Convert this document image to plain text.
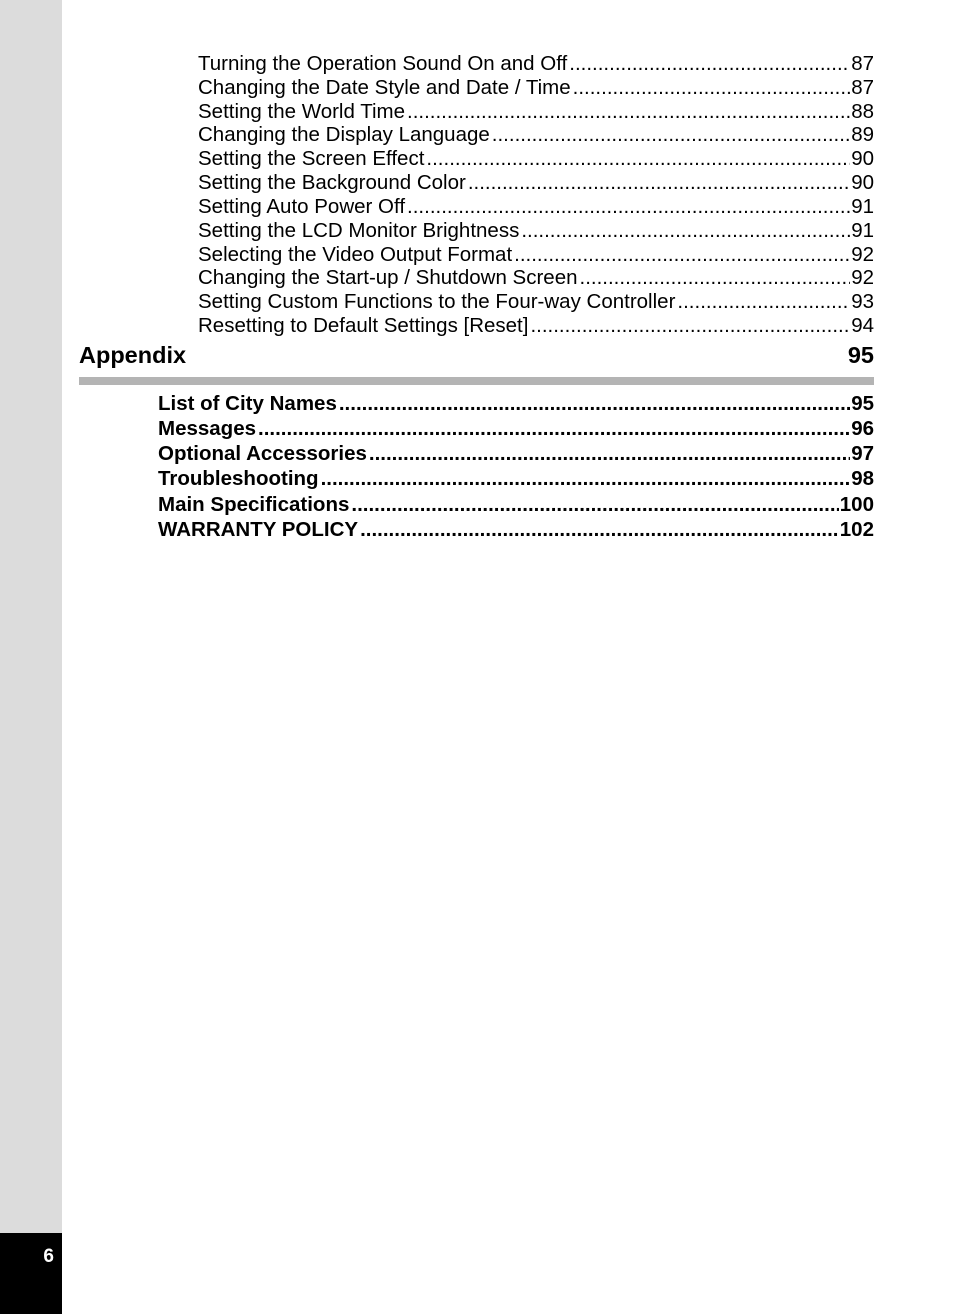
6
Turning the Operation Sound On and Off .....	87
Changing the Date Style and Date / Time .....	87
Setting the World Time .....	88
Changing the Display Language .....	89
Setting the Screen Effect .....	90
Setting the Background Color .....	90
Setting Auto Power Off .....	91
Setting the LCD Monitor Brightness .....	91
Selecting the Video Output Format .....	92
Changing the Start-up / Shutdown Screen .....	92
Setting Custom Functions to the Four-way Controller .....	93
Resetting to Default Settings [Reset] .....	94
Appendix	95
List of City Names .....	95
Messages .....	96
Optional Accessories .....	97
Troubleshooting .....	98
Main Specifications .....	100
WARRANTY POLICY .....	102
